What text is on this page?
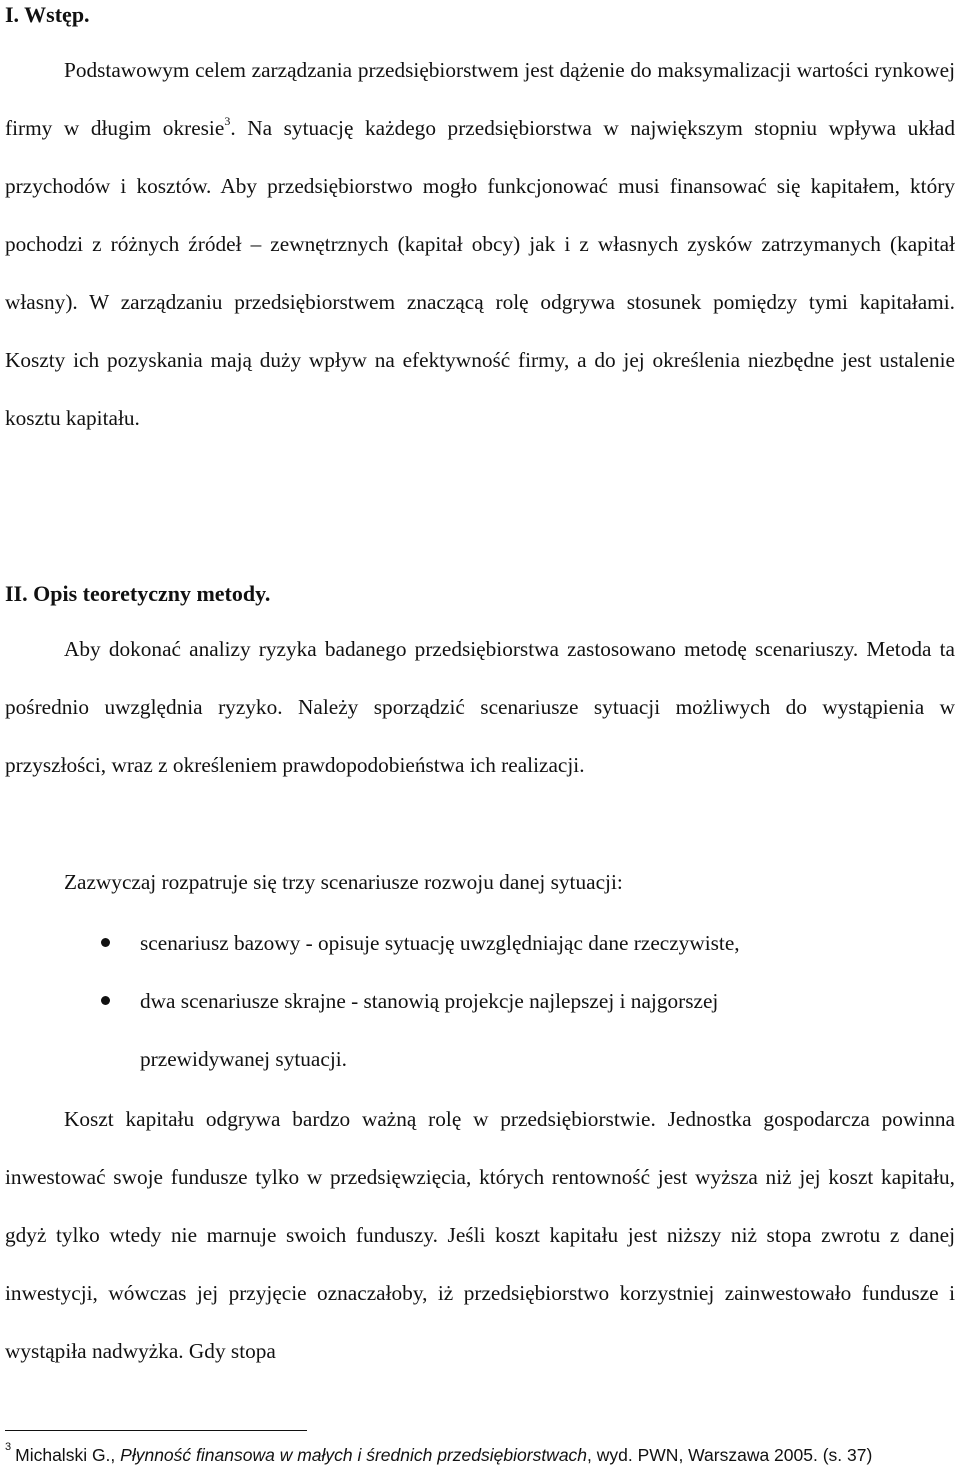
I. Wstęp.

Podstawowym celem zarządzania przedsiębiorstwem jest dążenie do maksymalizacji wartości rynkowej firmy w długim okresie$^3$. Na sytuację każdego przedsiębiorstwa w największym stopniu wpływa układ przychodów i kosztów. Aby przedsiębiorstwo mogło funkcjonować musi finansować się kapitałem, który pochodzi z różnych źródeł – zewnętrznych (kapitał obcy) jak i z własnych zysków zatrzymanych (kapitał własny). W zarządzaniu przedsiębiorstwem znaczącą rolę odgrywa stosunek pomiędzy tymi kapitałami. Koszty ich pozyskania mają duży wpływ na efektywność firmy, a do jej określenia niezbędne jest ustalenie kosztu kapitału.

II. Opis teoretyczny metody.

Aby dokonać analizy ryzyka badanego przedsiębiorstwa zastosowano metodę scenariuszy. Metoda ta pośrednio uwzględnia ryzyko. Należy sporządzić scenariusze sytuacji możliwych do wystąpienia w przyszłości, wraz z określeniem prawdopodobieństwa ich realizacji.

Zazwyczaj rozpatruje się trzy scenariusze rozwoju danej sytuacji:

scenariusz bazowy - opisuje sytuację uwzględniając dane rzeczywiste,
dwa scenariusze skrajne - stanowią projekcje najlepszej i najgorszej przewidywanej sytuacji.

Koszt kapitału odgrywa bardzo ważną rolę w przedsiębiorstwie. Jednostka gospodarcza powinna inwestować swoje fundusze tylko w przedsięwzięcia, których rentowność jest wyższa niż jej koszt kapitału, gdyż tylko wtedy nie marnuje swoich funduszy. Jeśli koszt kapitału jest niższy niż stopa zwrotu z danej inwestycji, wówczas jej przyjęcie oznaczałoby, iż przedsiębiorstwo korzystniej zainwestowało fundusze i wystąpiła nadwyżka. Gdy stopa

$^3$ Michalski G., Płynność finansowa w małych i średnich przedsiębiorstwach, wyd. PWN, Warszawa 2005. (s. 37)
